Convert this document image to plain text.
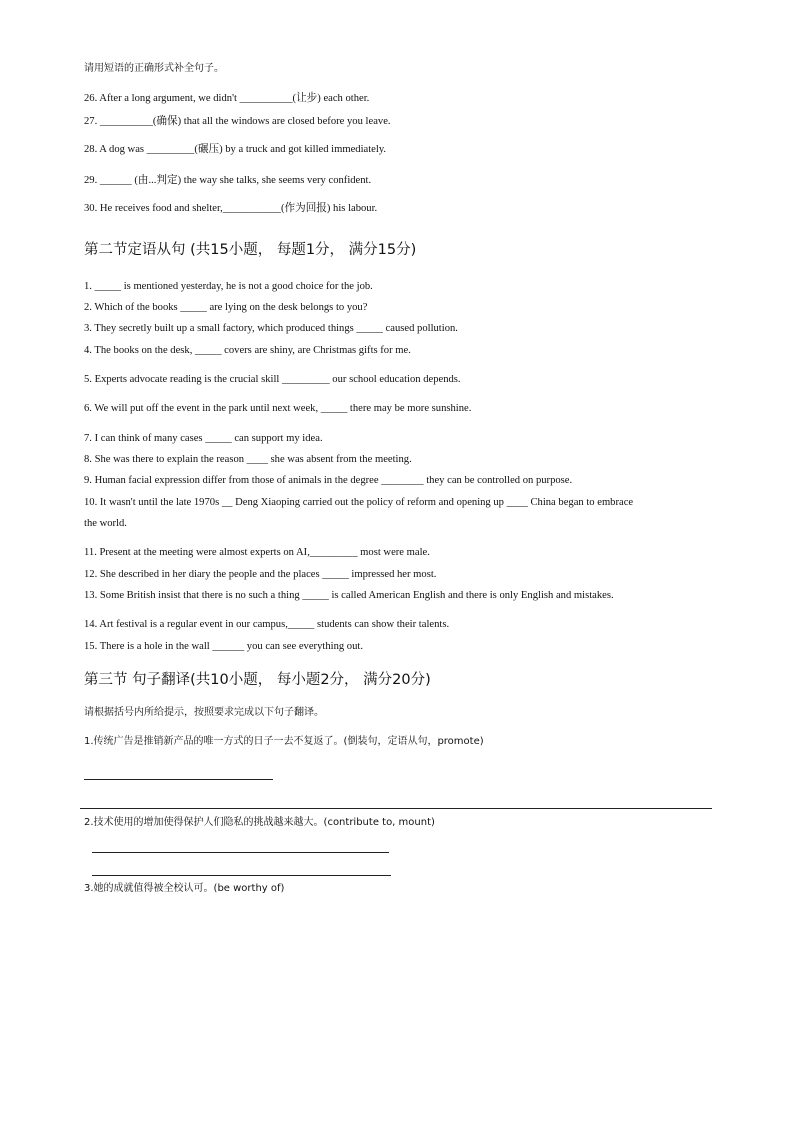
请用短语的正确形式补全句子。
26. After a long argument, we didn't __________(让步) each other.
27. __________(确保) that all the windows are closed before you leave.
28. A dog was _________(碾压) by a truck and got killed immediately.
29. ______ (由...判定) the way she talks, she seems very confident.
30. He receives food and shelter,___________(作为回报) his labour.
第二节定语从句 (共15小题， 每题1分， 满分15分)
1. _____ is mentioned yesterday, he is not a good choice for the job.
2. Which of the books _____ are lying on the desk belongs to you?
3. They secretly built up a small factory, which produced things _____ caused pollution.
4. The books on the desk, _____ covers are shiny, are Christmas gifts for me.
5. Experts advocate reading is the crucial skill _________ our school education depends.
6. We will put off the event in the park until next week, _____ there may be more sunshine.
7. I can think of many cases _____ can support my idea.
8. She was there to explain the reason ____ she was absent from the meeting.
9. Human facial expression differ from those of animals in the degree ________ they can be controlled on purpose.
10. It wasn't until the late 1970s __ Deng Xiaoping carried out the policy of reform and opening up ____ China began to embrace
the world.
11. Present at the meeting were almost experts on AI,_________ most were male.
12. She described in her diary the people and the places _____ impressed her most.
13. Some British insist that there is no such a thing _____ is called American English and there is only English and mistakes.
14. Art festival is a regular event in our campus,_____ students can show their talents.
15. There is a hole in the wall ______ you can see everything out.
第三节 句子翻译(共10小题， 每小题2分， 满分20分)
请根据括号内所给提示，按照要求完成以下句子翻译。
1.传统广告是推销新产品的唯一方式的日子一去不复返了。(倒装句，定语从句，promote)
2.技术使用的增加使得保护人们隐私的挑战越来越大。(contribute to, mount)
3.她的成就值得被全校认可。(be worthy of)
